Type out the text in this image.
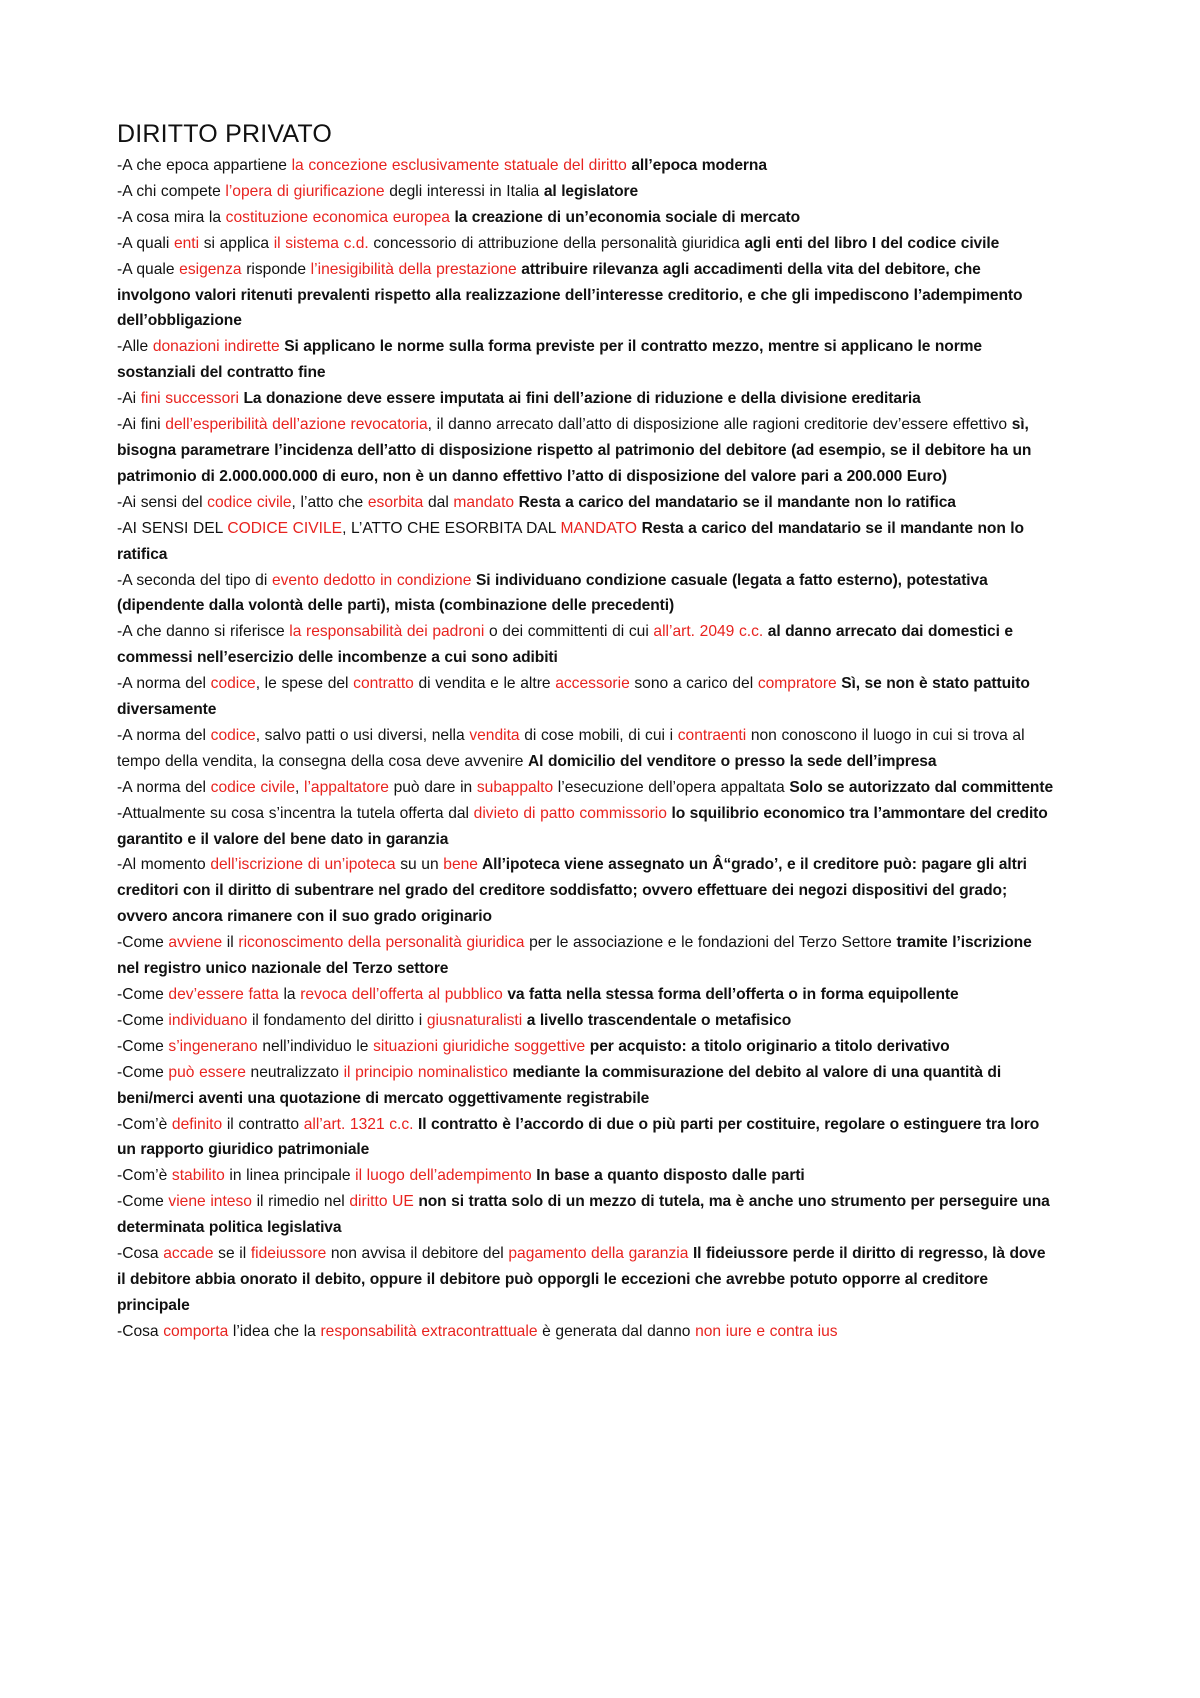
DIRITTO PRIVATO

-A che epoca appartiene la concezione esclusivamente statuale del diritto all’epoca moderna

-A chi compete l’opera di giurificazione degli interessi in Italia al legislatore

-A cosa mira la costituzione economica europea la creazione di un’economia sociale di mercato

-A quali enti si applica il sistema c.d. concessorio di attribuzione della personalità giuridica agli enti del libro I del codice civile

-A quale esigenza risponde l’inesigibilità della prestazione attribuire rilevanza agli accadimenti della vita del debitore, che involgono valori ritenuti prevalenti rispetto alla realizzazione dell’interesse creditorio, e che gli impediscono l’adempimento dell’obbligazione

-Alle donazioni indirette Si applicano le norme sulla forma previste per il contratto mezzo, mentre si applicano le norme sostanziali del contratto fine

-Ai fini successori La donazione deve essere imputata ai fini dell’azione di riduzione e della divisione ereditaria

-Ai fini dell’esperibilità dell’azione revocatoria, il danno arrecato dall’atto di disposizione alle ragioni creditorie dev’essere effettivo sì, bisogna parametrare l’incidenza dell’atto di disposizione rispetto al patrimonio del debitore (ad esempio, se il debitore ha un patrimonio di 2.000.000.000 di euro, non è un danno effettivo l’atto di disposizione del valore pari a 200.000 Euro)

-Ai sensi del codice civile, l’atto che esorbita dal mandato Resta a carico del mandatario se il mandante non lo ratifica

-AI SENSI DEL CODICE CIVILE, L’ATTO CHE ESORBITA DAL MANDATO Resta a carico del mandatario se il mandante non lo ratifica

-A seconda del tipo di evento dedotto in condizione Si individuano condizione casuale (legata a fatto esterno), potestativa (dipendente dalla volontà delle parti), mista (combinazione delle precedenti)

-A che danno si riferisce la responsabilità dei padroni o dei committenti di cui all’art. 2049 c.c. al danno arrecato dai domestici e commessi nell’esercizio delle incombenze a cui sono adibiti

-A norma del codice, le spese del contratto di vendita e le altre accessorie sono a carico del compratore Sì, se non è stato pattuito diversamente

-A norma del codice, salvo patti o usi diversi, nella vendita di cose mobili, di cui i contraenti non conoscono il luogo in cui si trova al tempo della vendita, la consegna della cosa deve avvenire Al domicilio del venditore o presso la sede dell’impresa

-A norma del codice civile, l’appaltatore può dare in subappalto l’esecuzione dell’opera appaltata Solo se autorizzato dal committente

-Attualmente su cosa s’incentra la tutela offerta dal divieto di patto commissorio lo squilibrio economico tra l’ammontare del credito garantito e il valore del bene dato in garanzia

-Al momento dell’iscrizione di un’ipoteca su un bene All’ipoteca viene assegnato un Â“grado’, e il creditore può: pagare gli altri creditori con il diritto di subentrare nel grado del creditore soddisfatto; ovvero effettuare dei negozi dispositivi del grado; ovvero ancora rimanere con il suo grado originario

-Come avviene il riconoscimento della personalità giuridica per le associazione e le fondazioni del Terzo Settore tramite l’iscrizione nel registro unico nazionale del Terzo settore

-Come dev’essere fatta la revoca dell’offerta al pubblico va fatta nella stessa forma dell’offerta o in forma equipollente

-Come individuano il fondamento del diritto i giusnaturalisti a livello trascendentale o metafisico

-Come s’ingenerano nell’individuo le situazioni giuridiche soggettive per acquisto: a titolo originario a titolo derivativo

-Come può essere neutralizzato il principio nominalistico mediante la commisurazione del debito al valore di una quantità di beni/merci aventi una quotazione di mercato oggettivamente registrabile

-Com’è definito il contratto all’art. 1321 c.c. Il contratto è l’accordo di due o più parti per costituire, regolare o estinguere tra loro un rapporto giuridico patrimoniale

-Com’è stabilito in linea principale il luogo dell’adempimento In base a quanto disposto dalle parti

-Come viene inteso il rimedio nel diritto UE non si tratta solo di un mezzo di tutela, ma è anche uno strumento per perseguire una determinata politica legislativa

-Cosa accade se il fideiussore non avvisa il debitore del pagamento della garanzia Il fideiussore perde il diritto di regresso, là dove il debitore abbia onorato il debito, oppure il debitore può opporgli le eccezioni che avrebbe potuto opporre al creditore principale

-Cosa comporta l’idea che la responsabilità extracontrattuale è generata dal danno non iure e contra ius
